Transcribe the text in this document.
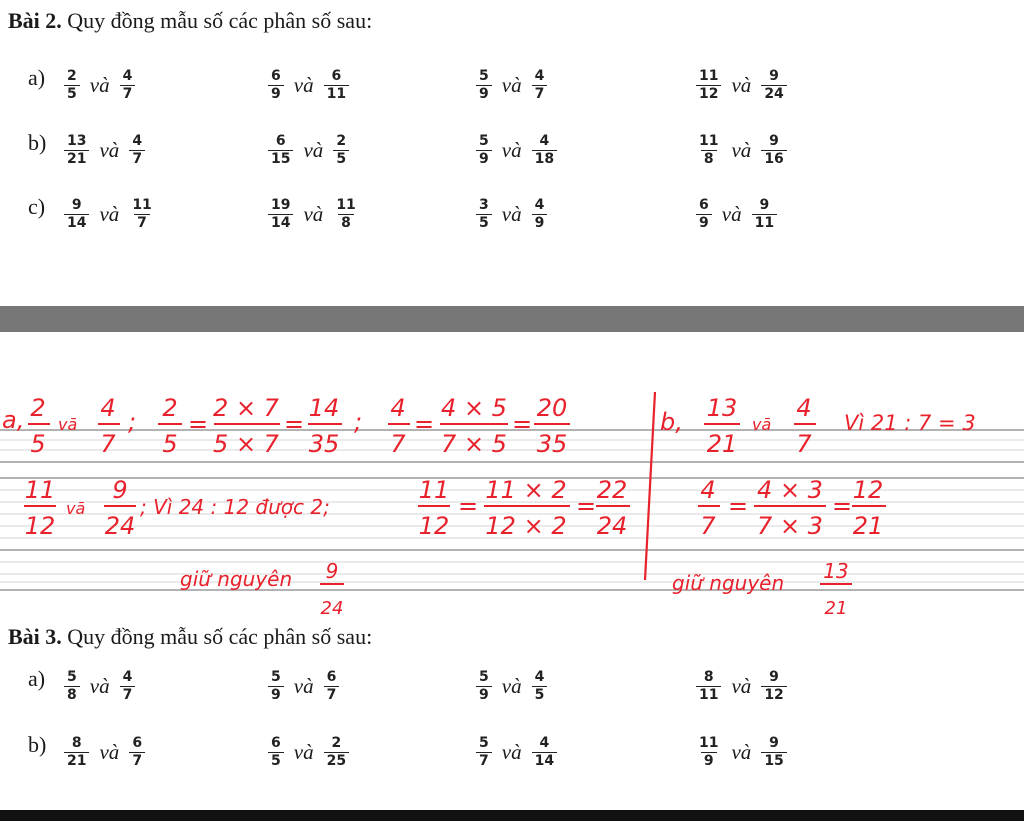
Bài 2. Quy đồng mẫu số các phân số sau:
$a) \frac{2}{5}$ và $\frac{4}{7}$	$\frac{6}{9}$ và $\frac{6}{11}$	$\frac{5}{9}$ và $\frac{4}{7}$	$\frac{11}{12}$ và $\frac{9}{24}$
$b) \frac{13}{21}$ và $\frac{4}{7}$	$\frac{6}{15}$ và $\frac{2}{5}$	$\frac{5}{9}$ và $\frac{4}{18}$	$\frac{11}{8}$ và $\frac{9}{16}$
$c) \frac{9}{14}$ và $\frac{11}{7}$	$\frac{19}{14}$ và $\frac{11}{8}$	$\frac{3}{5}$ và $\frac{4}{9}$	$\frac{6}{9}$ và $\frac{9}{11}$
a, 2
5
vā
4
7
; 2
5
=
2 × 7
5 × 7
=
14
35
; 4
7
=
4 × 5
7 × 5
=
20
35
11
12
vā
9
24
; Vì 24 : 12 được 2;
11
12
=
11 × 2
12 × 2
=
22
24
giữ nguyên 9
24
b, 13
21
vā
4
7
Vì 21 : 7 = 3
4
7
=
4 × 3
7 × 3
=
12
21
giữ nguyên 13
21
Bài 3. Quy đồng mẫu số các phân số sau:
$a) \frac{5}{8}$ và $\frac{4}{7}$	$\frac{5}{9}$ và $\frac{6}{7}$	$\frac{5}{9}$ và $\frac{4}{5}$	$\frac{8}{11}$ và $\frac{9}{12}$
$b) \frac{8}{21}$ và $\frac{6}{7}$	$\frac{6}{5}$ và $\frac{2}{25}$	$\frac{5}{7}$ và $\frac{4}{14}$	$\frac{11}{9}$ và $\frac{9}{15}$
